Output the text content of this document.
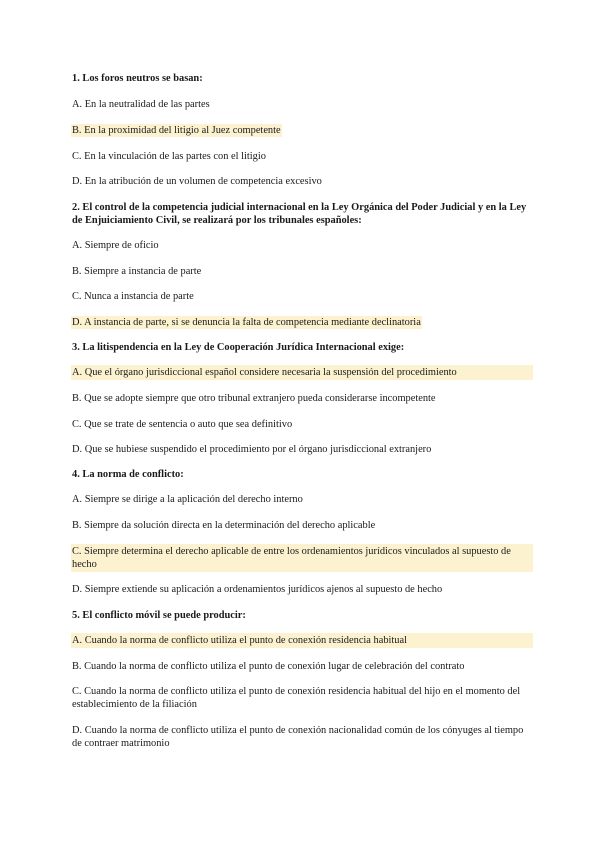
1. Los foros neutros se basan:
A. En la neutralidad de las partes
B. En la proximidad del litigio al Juez competente
C. En la vinculación de las partes con el litigio
D. En la atribución de un volumen de competencia excesivo
2. El control de la competencia judicial internacional en la Ley Orgánica del Poder Judicial y en la Ley de Enjuiciamiento Civil, se realizará por los tribunales españoles:
A. Siempre de oficio
B. Siempre a instancia de parte
C. Nunca a instancia de parte
D. A instancia de parte, si se denuncia la falta de competencia mediante declinatoria
3. La litispendencia en la Ley de Cooperación Jurídica Internacional exige:
A. Que el órgano jurisdiccional español considere necesaria la suspensión del procedimiento
B. Que se adopte siempre que otro tribunal extranjero pueda considerarse incompetente
C. Que se trate de sentencia o auto que sea definitivo
D. Que se hubiese suspendido el procedimiento por el órgano jurisdiccional extranjero
4. La norma de conflicto:
A. Siempre se dirige a la aplicación del derecho interno
B. Siempre da solución directa en la determinación del derecho aplicable
C. Siempre determina el derecho aplicable de entre los ordenamientos jurídicos vinculados al supuesto de hecho
D. Siempre extiende su aplicación a ordenamientos jurídicos ajenos al supuesto de hecho
5. El conflicto móvil se puede producir:
A. Cuando la norma de conflicto utiliza el punto de conexión residencia habitual
B. Cuando la norma de conflicto utiliza el punto de conexión lugar de celebración del contrato
C. Cuando la norma de conflicto utiliza el punto de conexión residencia habitual del hijo en el momento del establecimiento de la filiación
D. Cuando la norma de conflicto utiliza el punto de conexión nacionalidad común de los cónyuges al tiempo de contraer matrimonio
